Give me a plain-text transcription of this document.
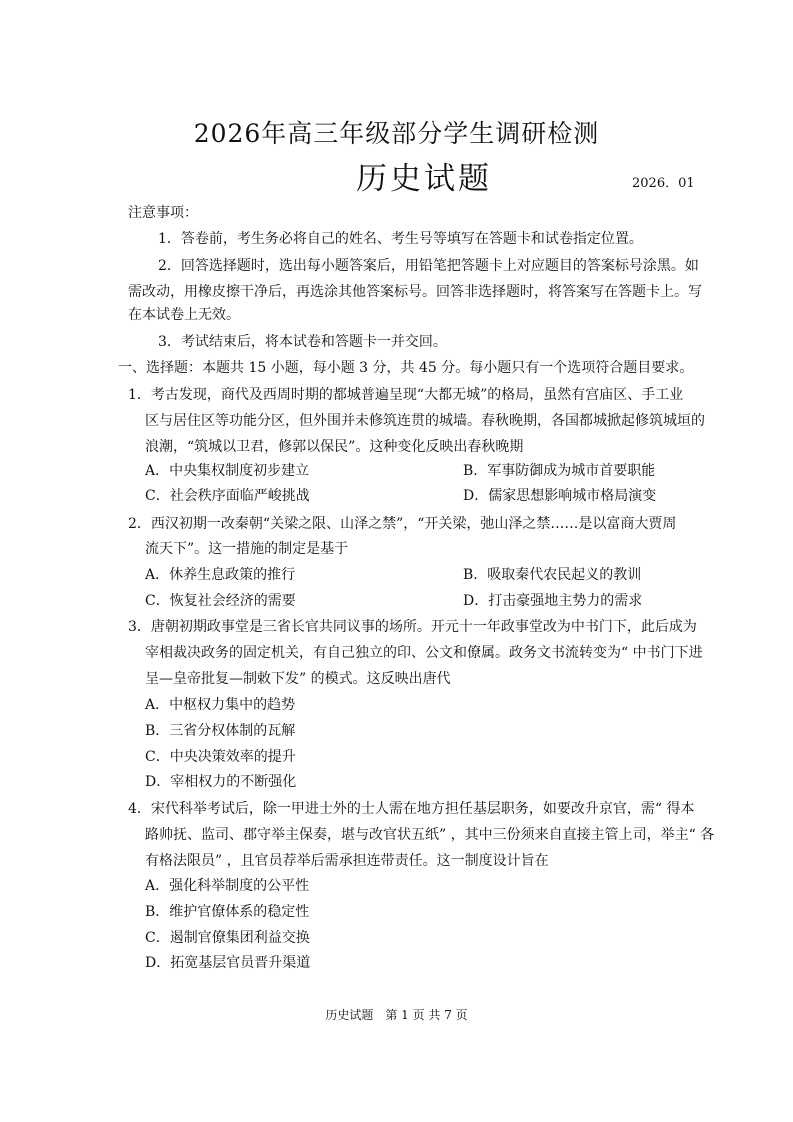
2026年高三年级部分学生调研检测
历史试题	2026．01
注意事项：
1．答卷前，考生务必将自己的姓名、考生号等填写在答题卡和试卷指定位置。
2．回答选择题时，选出每小题答案后，用铅笔把答题卡上对应题目的答案标号涂黑。如
需改动，用橡皮擦干净后，再选涂其他答案标号。回答非选择题时，将答案写在答题卡上。写
在本试卷上无效。
3．考试结束后，将本试卷和答题卡一并交回。
一、选择题：本题共 15 小题，每小题 3 分，共 45 分。每小题只有一个选项符合题目要求。
1．考古发现，商代及西周时期的都城普遍呈现“大都无城”的格局，虽然有宫庙区、手工业
区与居住区等功能分区，但外围并未修筑连贯的城墙。春秋晚期，各国都城掀起修筑城垣的
浪潮，“筑城以卫君，修郭以保民”。这种变化反映出春秋晚期
A．中央集权制度初步建立	B．军事防御成为城市首要职能
C．社会秩序面临严峻挑战	D．儒家思想影响城市格局演变
2．西汉初期一改秦朝“关梁之限、山泽之禁”，“开关梁，弛山泽之禁……是以富商大贾周
流天下”。这一措施的制定是基于
A．休养生息政策的推行	B．吸取秦代农民起义的教训
C．恢复社会经济的需要	D．打击豪强地主势力的需求
3．唐朝初期政事堂是三省长官共同议事的场所。开元十一年政事堂改为中书门下，此后成为
宰相裁决政务的固定机关，有自己独立的印、公文和僚属。政务文书流转变为“ 中书门下进
呈—皇帝批复—制敕下发” 的模式。这反映出唐代
A．中枢权力集中的趋势
B．三省分权体制的瓦解
C．中央决策效率的提升
D．宰相权力的不断强化
4．宋代科举考试后，除一甲进士外的士人需在地方担任基层职务，如要改升京官，需“ 得本
路帅抚、监司、郡守举主保奏，堪与改官状五纸” ，其中三份须来自直接主管上司，举主“ 各
有格法限员” ，且官员荐举后需承担连带责任。这一制度设计旨在
A．强化科举制度的公平性
B．维护官僚体系的稳定性
C．遏制官僚集团利益交换
D．拓宽基层官员晋升渠道
历史试题　第 1 页 共 7 页
